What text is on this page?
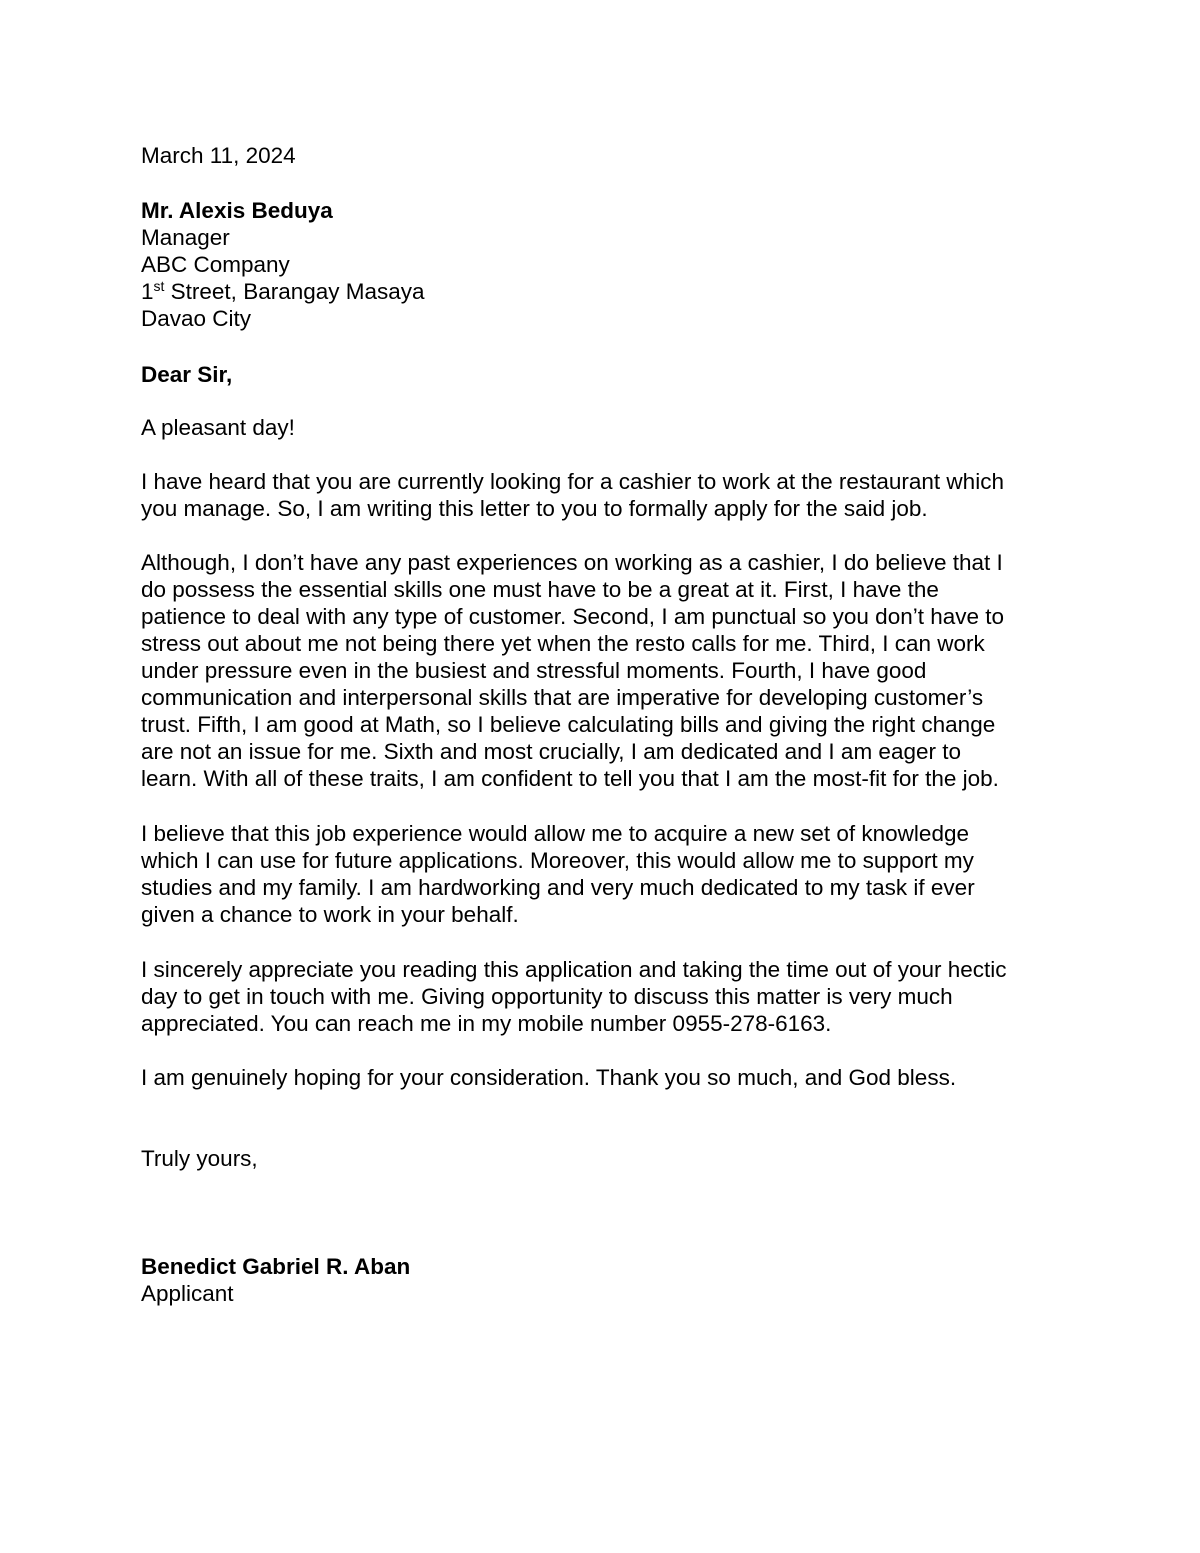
March 11, 2024
Mr. Alexis Beduya
Manager
ABC Company
1st Street, Barangay Masaya
Davao City
Dear Sir,
A pleasant day!

I have heard that you are currently looking for a cashier to work at the restaurant which
you manage. So, I am writing this letter to you to formally apply for the said job.

Although, I don’t have any past experiences on working as a cashier, I do believe that I
do possess the essential skills one must have to be a great at it. First, I have the
patience to deal with any type of customer. Second, I am punctual so you don’t have to
stress out about me not being there yet when the resto calls for me. Third, I can work
under pressure even in the busiest and stressful moments. Fourth, I have good
communication and interpersonal skills that are imperative for developing customer’s
trust. Fifth, I am good at Math, so I believe calculating bills and giving the right change
are not an issue for me. Sixth and most crucially, I am dedicated and I am eager to
learn. With all of these traits, I am confident to tell you that I am the most-fit for the job.

I believe that this job experience would allow me to acquire a new set of knowledge
which I can use for future applications. Moreover, this would allow me to support my
studies and my family. I am hardworking and very much dedicated to my task if ever
given a chance to work in your behalf.

I sincerely appreciate you reading this application and taking the time out of your hectic
day to get in touch with me. Giving opportunity to discuss this matter is very much
appreciated. You can reach me in my mobile number 0955-278-6163.

I am genuinely hoping for your consideration. Thank you so much, and God bless.

Truly yours,
Benedict Gabriel R. Aban
Applicant
